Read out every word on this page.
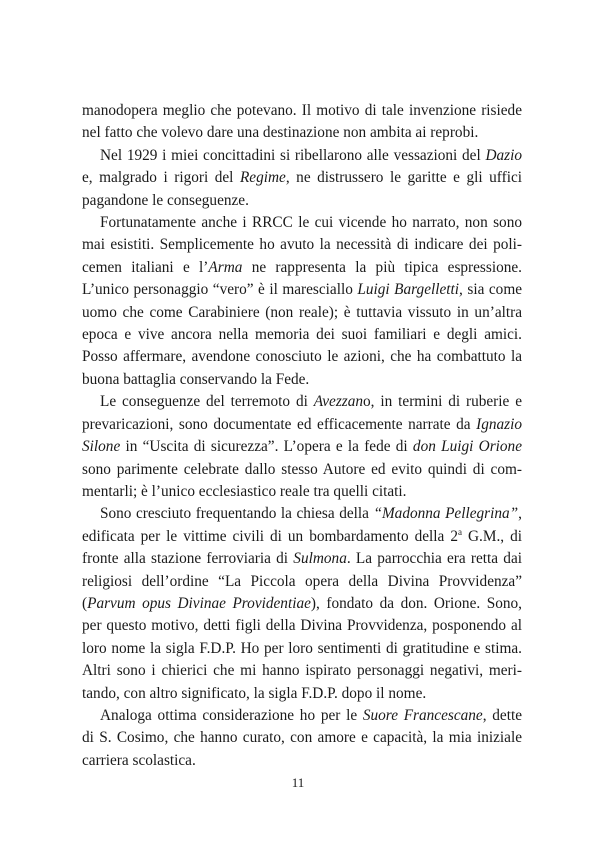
manodopera meglio che potevano. Il motivo di tale invenzione risiede nel fatto che volevo dare una destinazione non ambita ai reprobi.

Nel 1929 i miei concittadini si ribellarono alle vessazioni del Dazio e, malgrado i rigori del Regime, ne distrussero le garitte e gli uffici pagandone le conseguenze.

Fortunatamente anche i RRCC le cui vicende ho narrato, non sono mai esistiti. Semplicemente ho avuto la necessità di indicare dei policemen italiani e l’Arma ne rappresenta la più tipica espressione. L’unico personaggio “vero” è il maresciallo Luigi Bargelletti, sia come uomo che come Carabiniere (non reale); è tuttavia vissuto in un’altra epoca e vive ancora nella memoria dei suoi familiari e degli amici. Posso affermare, avendone conosciuto le azioni, che ha combattuto la buona battaglia conservando la Fede.

Le conseguenze del terremoto di Avezzano, in termini di ruberie e prevaricazioni, sono documentate ed efficacemente narrate da Ignazio Silone in “Uscita di sicurezza”. L’opera e la fede di don Luigi Orione sono parimente celebrate dallo stesso Autore ed evito quindi di commentarli; è l’unico ecclesiastico reale tra quelli citati.

Sono cresciuto frequentando la chiesa della “Madonna Pellegrina”, edificata per le vittime civili di un bombardamento della 2$^a$ G.M., di fronte alla stazione ferroviaria di Sulmona. La parrocchia era retta dai religiosi dell’ordine “La Piccola opera della Divina Provvidenza” (Parvum opus Divinae Providentiae), fondato da don. Orione. Sono, per questo motivo, detti figli della Divina Provvidenza, posponendo al loro nome la sigla F.D.P. Ho per loro sentimenti di gratitudine e stima. Altri sono i chierici che mi hanno ispirato personaggi negativi, meritando, con altro significato, la sigla F.D.P. dopo il nome.

Analoga ottima considerazione ho per le Suore Francescane, dette di S. Cosimo, che hanno curato, con amore e capacità, la mia iniziale carriera scolastica.

11
